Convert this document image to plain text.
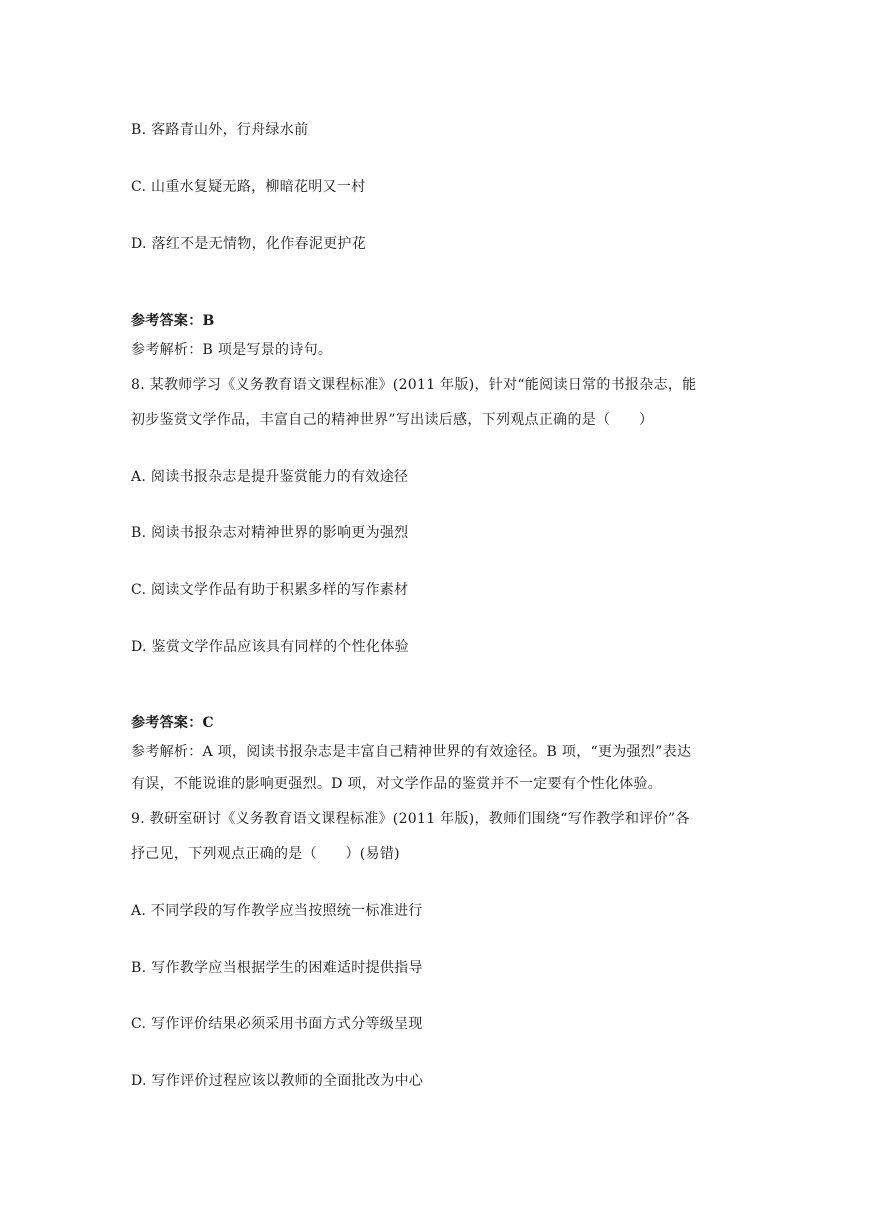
B. 客路青山外，行舟绿水前
C. 山重水复疑无路，柳暗花明又一村
D. 落红不是无情物，化作春泥更护花
参考答案：B
参考解析：B 项是写景的诗句。
8. 某教师学习《义务教育语文课程标准》(2011 年版)，针对“能阅读日常的书报杂志，能
初步鉴赏文学作品，丰富自己的精神世界”写出读后感，下列观点正确的是（　　）
A. 阅读书报杂志是提升鉴赏能力的有效途径
B. 阅读书报杂志对精神世界的影响更为强烈
C. 阅读文学作品有助于积累多样的写作素材
D. 鉴赏文学作品应该具有同样的个性化体验
参考答案：C
参考解析：A 项，阅读书报杂志是丰富自己精神世界的有效途径。B 项，“更为强烈”表达
有误，不能说谁的影响更强烈。D 项，对文学作品的鉴赏并不一定要有个性化体验。
9. 教研室研讨《义务教育语文课程标准》(2011 年版)，教师们围绕“写作教学和评价”各
抒己见，下列观点正确的是（　　）(易错)
A. 不同学段的写作教学应当按照统一标准进行
B. 写作教学应当根据学生的困难适时提供指导
C. 写作评价结果必须采用书面方式分等级呈现
D. 写作评价过程应该以教师的全面批改为中心
